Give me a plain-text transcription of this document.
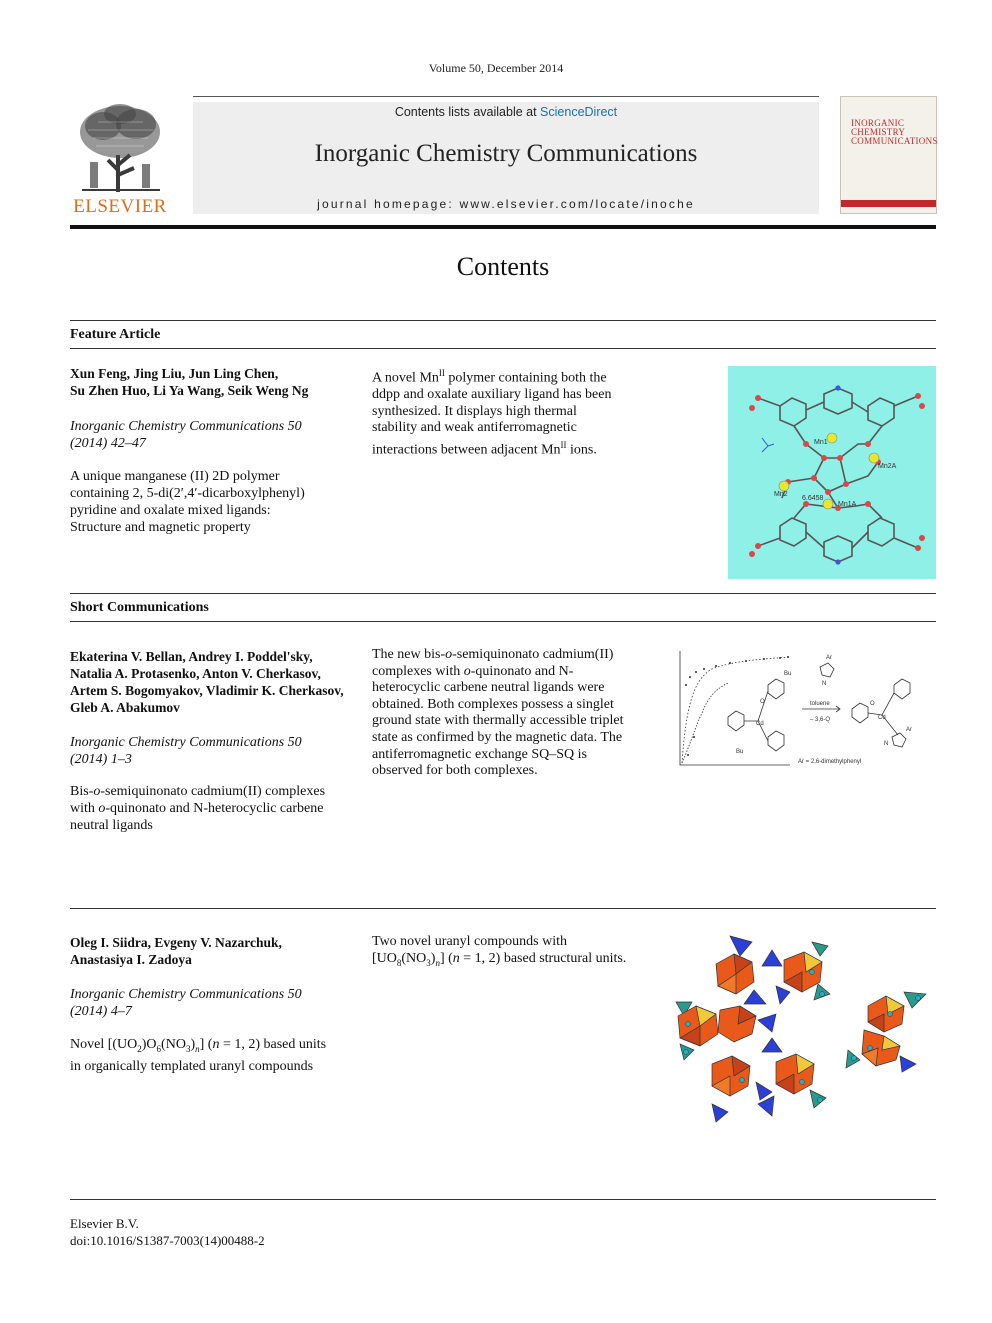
Volume 50, December 2014
ELSEVIER
Contents lists available at ScienceDirect
Inorganic Chemistry Communications
journal homepage: www.elsevier.com/locate/inoche
INORGANIC CHEMISTRY COMMUNICATIONS
Contents
Feature Article
Xun Feng, Jing Liu, Jun Ling Chen,
Su Zhen Huo, Li Ya Wang, Seik Weng Ng
Inorganic Chemistry Communications 50
(2014) 42–47
A unique manganese (II) 2D polymer
containing 2, 5-di(2′,4′-dicarboxylphenyl)
pyridine and oxalate mixed ligands:
Structure and magnetic property
A novel $Mn^{II}$ polymer containing both the
ddpp and oxalate auxiliary ligand has been
synthesized. It displays high thermal
stability and weak antiferromagnetic
interactions between adjacent $Mn^{II}$ ions.
Mn1
Mn2A
Mn2
Mn1A
6.6458
Short Communications
Ekaterina V. Bellan, Andrey I. Poddel'sky,
Natalia A. Protasenko, Anton V. Cherkasov,
Artem S. Bogomyakov, Vladimir K. Cherkasov,
Gleb A. Abakumov
Inorganic Chemistry Communications 50
(2014) 1–3
Bis-o-semiquinonato cadmium(II) complexes
with o-quinonato and N-heterocyclic carbene
neutral ligands
The new bis-o-semiquinonato cadmium(II)
complexes with o-quinonato and N-
heterocyclic carbene neutral ligands were
obtained. Both complexes possess a singlet
ground state with thermally accessible triplet
state as confirmed by the magnetic data. The
antiferromagnetic exchange SQ–SQ is
observed for both complexes.
toluene
– 3,6-Q
Ar = 2,6-dimethylphenyl
Cd
Cd
Ar
Ar
Bu
Bu
N
N
O	O
Oleg I. Siidra, Evgeny V. Nazarchuk,
Anastasiya I. Zadoya
Inorganic Chemistry Communications 50
(2014) 4–7
Novel $[(UO_2)O_6(NO_3)_n] (n = 1$, 2) based units
in organically templated uranyl compounds
Two novel uranyl compounds with
$[UO_8(NO_3)_n] (n = 1$, 2) based structural units.
Elsevier B.V.
doi:10.1016/S1387-7003(14)00488-2
